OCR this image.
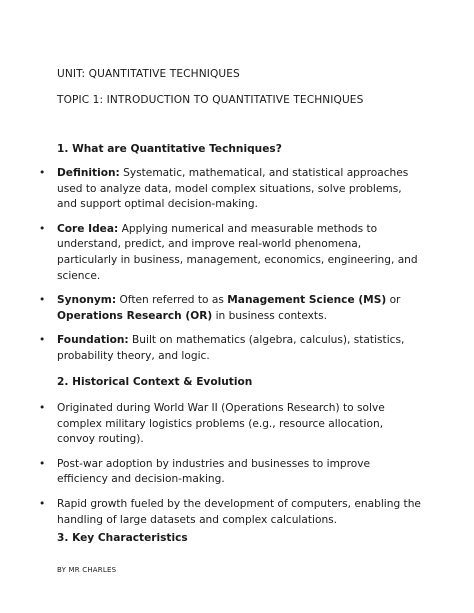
UNIT: QUANTITATIVE TECHNIQUES
TOPIC 1: INTRODUCTION TO QUANTITATIVE TECHNIQUES
1. What are Quantitative Techniques?
• Definition: Systematic, mathematical, and statistical approaches used to analyze data, model complex situations, solve problems, and support optimal decision-making.
• Core Idea: Applying numerical and measurable methods to understand, predict, and improve real-world phenomena, particularly in business, management, economics, engineering, and science.
• Synonym: Often referred to as Management Science (MS) or Operations Research (OR) in business contexts.
• Foundation: Built on mathematics (algebra, calculus), statistics, probability theory, and logic.
2. Historical Context & Evolution
• Originated during World War II (Operations Research) to solve complex military logistics problems (e.g., resource allocation, convoy routing).
• Post-war adoption by industries and businesses to improve efficiency and decision-making.
• Rapid growth fueled by the development of computers, enabling the handling of large datasets and complex calculations.
3. Key Characteristics
BY MR CHARLES
